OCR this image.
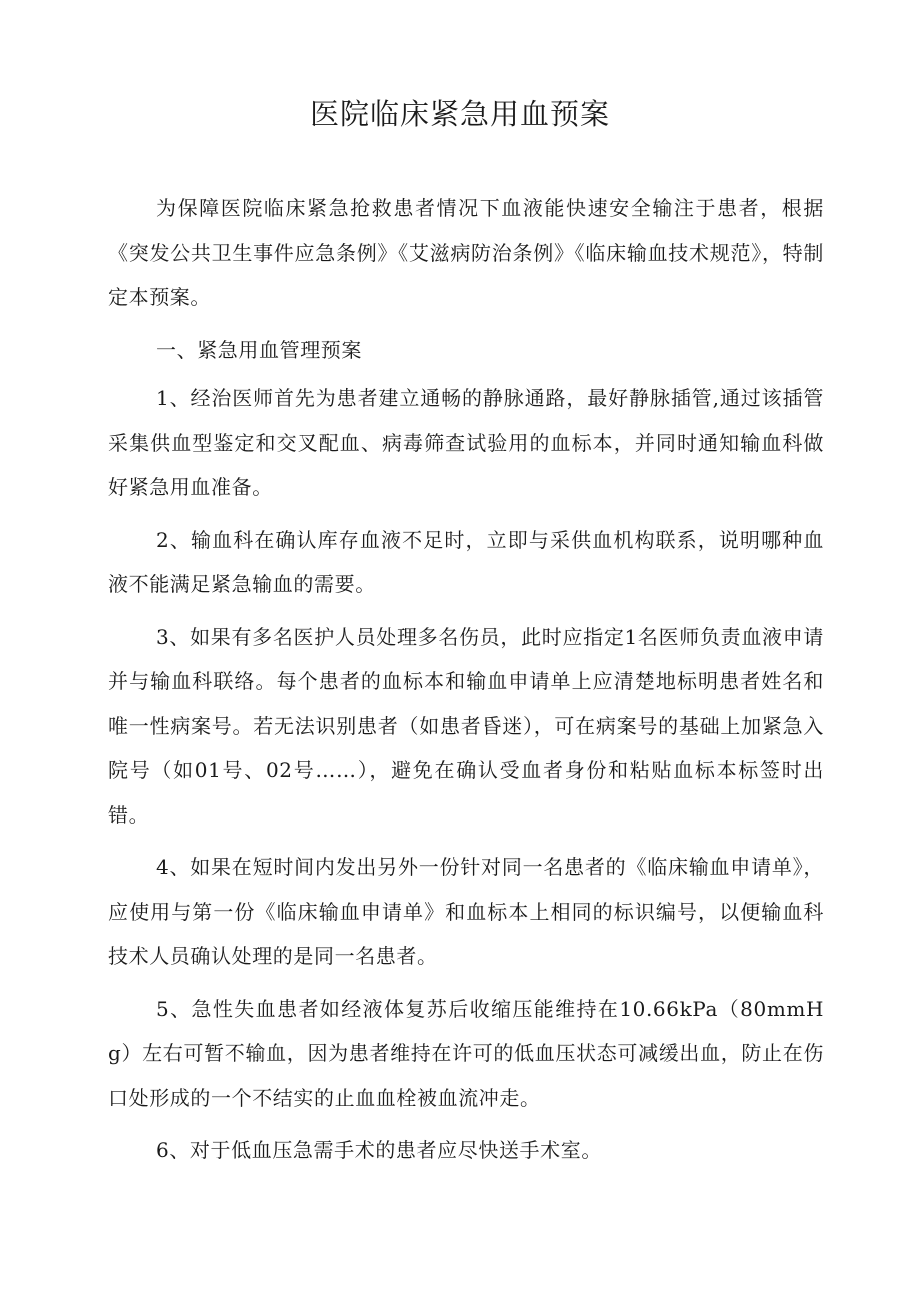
医院临床紧急用血预案

为保障医院临床紧急抢救患者情况下血液能快速安全输注于患者，根据《突发公共卫生事件应急条例》《艾滋病防治条例》《临床输血技术规范》，特制定本预案。

一、紧急用血管理预案

1、经治医师首先为患者建立通畅的静脉通路，最好静脉插管,通过该插管采集供血型鉴定和交叉配血、病毒筛查试验用的血标本，并同时通知输血科做好紧急用血准备。

2、输血科在确认库存血液不足时，立即与采供血机构联系，说明哪种血液不能满足紧急输血的需要。

3、如果有多名医护人员处理多名伤员，此时应指定1名医师负责血液申请并与输血科联络。每个患者的血标本和输血申请单上应清楚地标明患者姓名和唯一性病案号。若无法识别患者（如患者昏迷），可在病案号的基础上加紧急入院号（如01号、02号……），避免在确认受血者身份和粘贴血标本标签时出错。

4、如果在短时间内发出另外一份针对同一名患者的《临床输血申请单》，应使用与第一份《临床输血申请单》和血标本上相同的标识编号，以便输血科技术人员确认处理的是同一名患者。

5、急性失血患者如经液体复苏后收缩压能维持在10.66kPa（80mmHg）左右可暂不输血，因为患者维持在许可的低血压状态可减缓出血，防止在伤口处形成的一个不结实的止血血栓被血流冲走。

6、对于低血压急需手术的患者应尽快送手术室。
